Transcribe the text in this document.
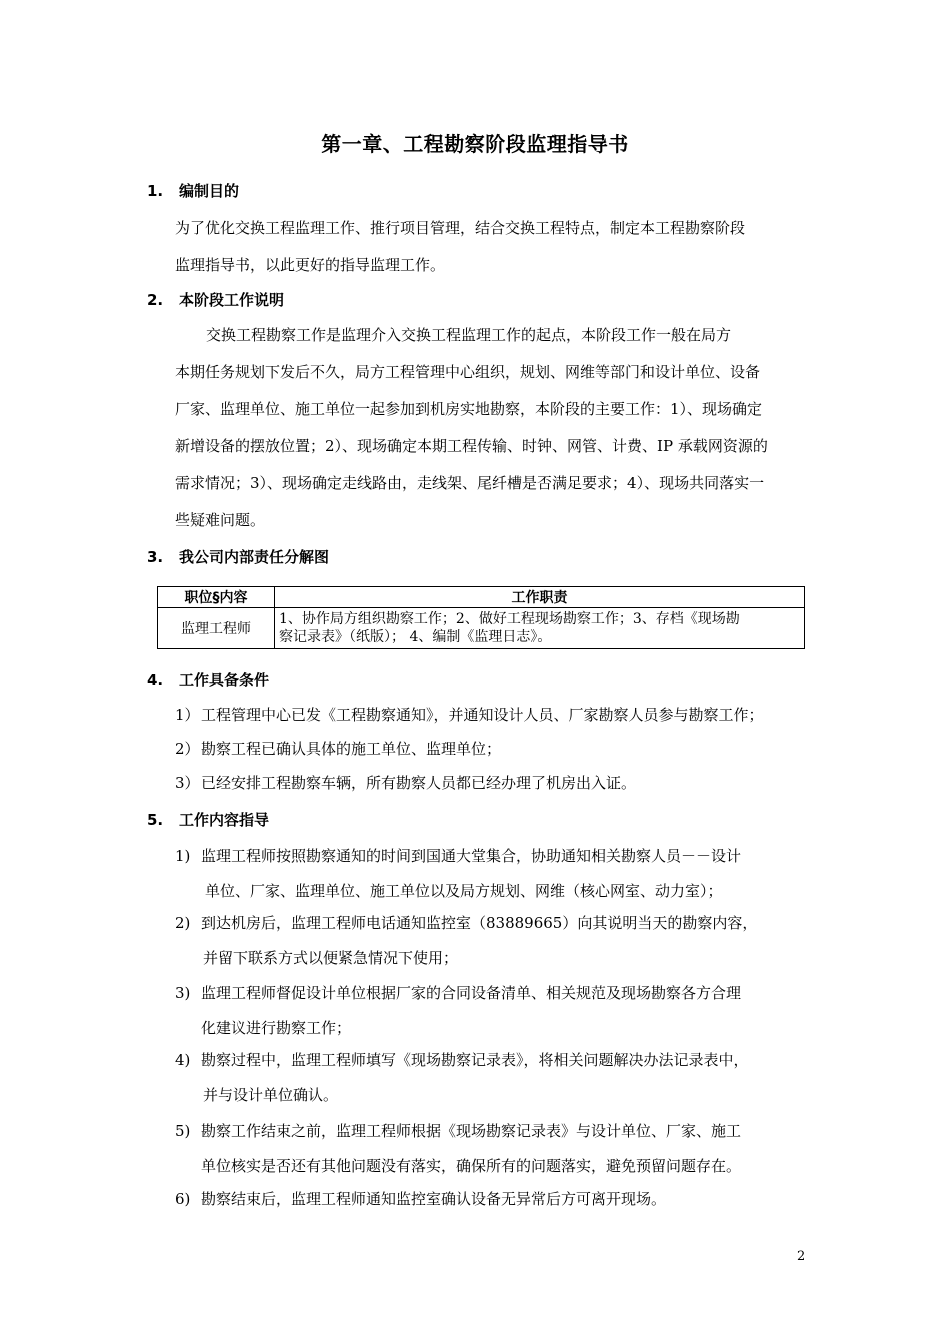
第一章、工程勘察阶段监理指导书
1. 编制目的
为了优化交换工程监理工作、推行项目管理，结合交换工程特点，制定本工程勘察阶段
监理指导书，以此更好的指导监理工作。
2. 本阶段工作说明
交换工程勘察工作是监理介入交换工程监理工作的起点，本阶段工作一般在局方
本期任务规划下发后不久，局方工程管理中心组织，规划、网维等部门和设计单位、设备
厂家、监理单位、施工单位一起参加到机房实地勘察，本阶段的主要工作：1）、现场确定
新增设备的摆放位置；2）、现场确定本期工程传输、时钟、网管、计费、IP 承载网资源的
需求情况；3）、现场确定走线路由，走线架、尾纤槽是否满足要求；4）、现场共同落实一
些疑难问题。
3. 我公司内部责任分解图
职位§内容	工作职责
监理工程师	1、协作局方组织勘察工作；2、做好工程现场勘察工作；3、存档《现场勘
察记录表》（纸版）； 4、编制《监理日志》。
4. 工作具备条件
1）工程管理中心已发《工程勘察通知》，并通知设计人员、厂家勘察人员参与勘察工作；
2）勘察工程已确认具体的施工单位、监理单位；
3）已经安排工程勘察车辆，所有勘察人员都已经办理了机房出入证。
5. 工作内容指导
1) 监理工程师按照勘察通知的时间到国通大堂集合，协助通知相关勘察人员－－设计
单位、厂家、监理单位、施工单位以及局方规划、网维（核心网室、动力室）；
2) 到达机房后，监理工程师电话通知监控室（83889665）向其说明当天的勘察内容，
并留下联系方式以便紧急情况下使用；
3) 监理工程师督促设计单位根据厂家的合同设备清单、相关规范及现场勘察各方合理
化建议进行勘察工作；
4) 勘察过程中，监理工程师填写《现场勘察记录表》，将相关问题解决办法记录表中，
并与设计单位确认。
5) 勘察工作结束之前，监理工程师根据《现场勘察记录表》与设计单位、厂家、施工
单位核实是否还有其他问题没有落实，确保所有的问题落实，避免预留问题存在。
6) 勘察结束后，监理工程师通知监控室确认设备无异常后方可离开现场。
2
